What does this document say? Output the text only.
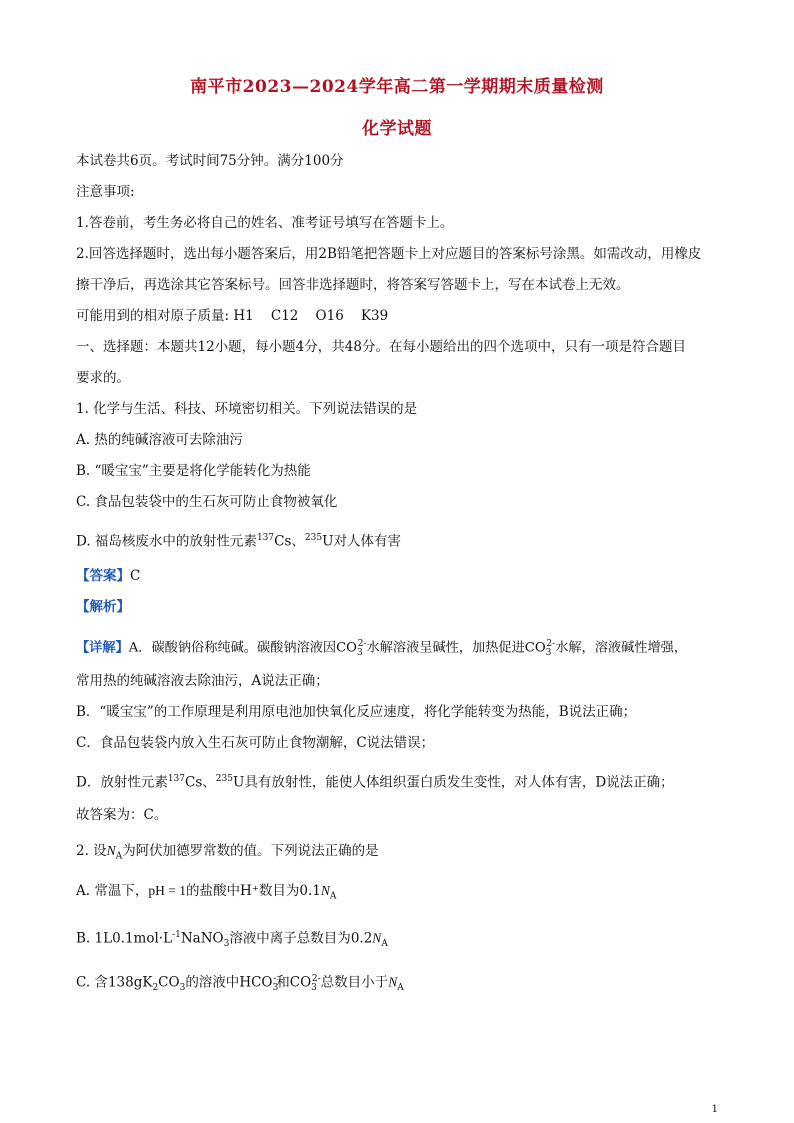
南平市2023—2024学年高二第一学期期末质量检测
化学试题
本试卷共6页。考试时间75分钟。满分100分
注意事项:
1.答卷前，考生务必将自己的姓名、准考证号填写在答题卡上。
2.回答选择题时，选出每小题答案后，用2B铅笔把答题卡上对应题目的答案标号涂黑。如需改动，用橡皮
擦干净后，再选涂其它答案标号。回答非选择题时，将答案写答题卡上，写在本试卷上无效。
可能用到的相对原子质量: H1    C12    O16    K39
一、选择题：本题共12小题，每小题4分，共48分。在每小题给出的四个选项中，只有一项是符合题目
要求的。
1. 化学与生活、科技、环境密切相关。下列说法错误的是
A. 热的纯碱溶液可去除油污
B. “暖宝宝”主要是将化学能转化为热能
C. 食品包装袋中的生石灰可防止食物被氧化
D. 福岛核废水中的放射性元素$^{137}$Cs、$^{235}$U对人体有害
【答案】C
【解析】
【详解】A．碳酸钠俗称纯碱。碳酸钠溶液因$CO_3^{2-}$水解溶液呈碱性，加热促进$CO_3^{2-}$水解，溶液碱性增强，
常用热的纯碱溶液去除油污，A说法正确；
B．“暖宝宝”的工作原理是利用原电池加快氧化反应速度，将化学能转变为热能，B说法正确；
C．食品包装袋内放入生石灰可防止食物潮解，C说法错误；
D．放射性元素$^{137}$Cs、$^{235}$U具有放射性，能使人体组织蛋白质发生变性，对人体有害，D说法正确；
故答案为：C。
2. 设$N_A$为阿伏加德罗常数的值。下列说法正确的是
A. 常温下，pH = 1的盐酸中H⁺数目为$0.1N_A$
B. $1L0.1mol\cdot L^{-1}NaNO_3$溶液中离子总数目为$0.2N_A$
C. 含$138gK_2CO_3$的溶液中$HCO_3^-$和$CO_3^{2-}$总数目小于$N_A$
1
